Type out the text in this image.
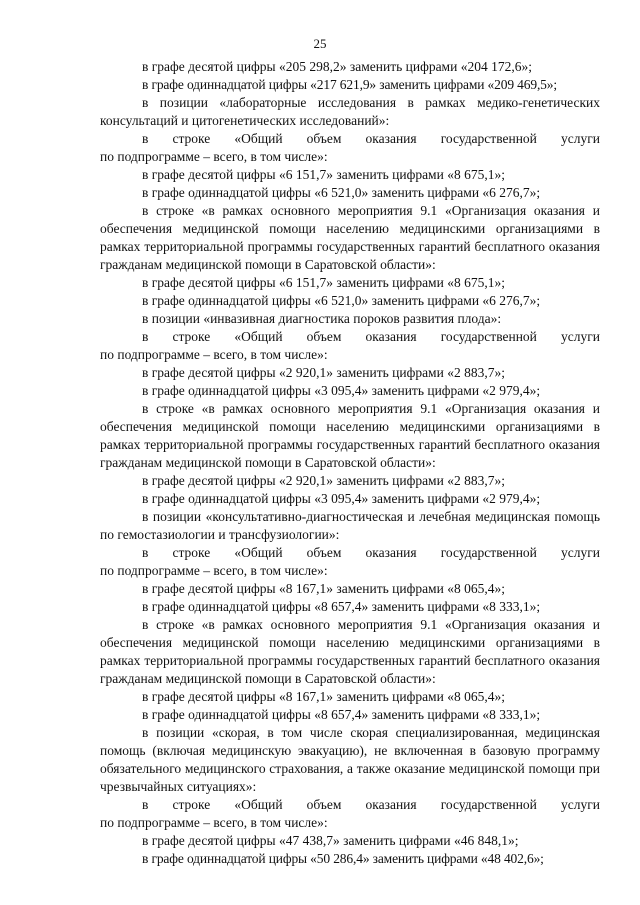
25

в графе десятой цифры «205 298,2» заменить цифрами «204 172,6»;

в графе одиннадцатой цифры «217 621,9» заменить цифрами «209 469,5»;

в позиции «лабораторные исследования в рамках медико-генетических консультаций и цитогенетических исследований»:

в строке «Общий объем оказания государственной услуги

по подпрограмме – всего, в том числе»:

в графе десятой цифры «6 151,7» заменить цифрами «8 675,1»;

в графе одиннадцатой цифры «6 521,0» заменить цифрами «6 276,7»;

в строке «в рамках основного мероприятия 9.1 «Организация оказания и обеспечения медицинской помощи населению медицинскими организациями в рамках территориальной программы государственных гарантий бесплатного оказания гражданам медицинской помощи в Саратовской области»:

в графе десятой цифры «6 151,7» заменить цифрами «8 675,1»;

в графе одиннадцатой цифры «6 521,0» заменить цифрами «6 276,7»;

в позиции «инвазивная диагностика пороков развития плода»:

в строке «Общий объем оказания государственной услуги

по подпрограмме – всего, в том числе»:

в графе десятой цифры «2 920,1» заменить цифрами «2 883,7»;

в графе одиннадцатой цифры «3 095,4» заменить цифрами «2 979,4»;

в строке «в рамках основного мероприятия 9.1 «Организация оказания и обеспечения медицинской помощи населению медицинскими организациями в рамках территориальной программы государственных гарантий бесплатного оказания гражданам медицинской помощи в Саратовской области»:

в графе десятой цифры «2 920,1» заменить цифрами «2 883,7»;

в графе одиннадцатой цифры «3 095,4» заменить цифрами «2 979,4»;

в позиции «консультативно-диагностическая и лечебная медицинская помощь по гемостазиологии и трансфузиологии»:

в строке «Общий объем оказания государственной услуги

по подпрограмме – всего, в том числе»:

в графе десятой цифры «8 167,1» заменить цифрами «8 065,4»;

в графе одиннадцатой цифры «8 657,4» заменить цифрами «8 333,1»;

в строке «в рамках основного мероприятия 9.1 «Организация оказания и обеспечения медицинской помощи населению медицинскими организациями в рамках территориальной программы государственных гарантий бесплатного оказания гражданам медицинской помощи в Саратовской области»:

в графе десятой цифры «8 167,1» заменить цифрами «8 065,4»;

в графе одиннадцатой цифры «8 657,4» заменить цифрами «8 333,1»;

в позиции «скорая, в том числе скорая специализированная, медицинская помощь (включая медицинскую эвакуацию), не включенная в базовую программу обязательного медицинского страхования, а также оказание медицинской помощи при чрезвычайных ситуациях»:

в строке «Общий объем оказания государственной услуги

по подпрограмме – всего, в том числе»:

в графе десятой цифры «47 438,7» заменить цифрами «46 848,1»;

в графе одиннадцатой цифры «50 286,4» заменить цифрами «48 402,6»;
